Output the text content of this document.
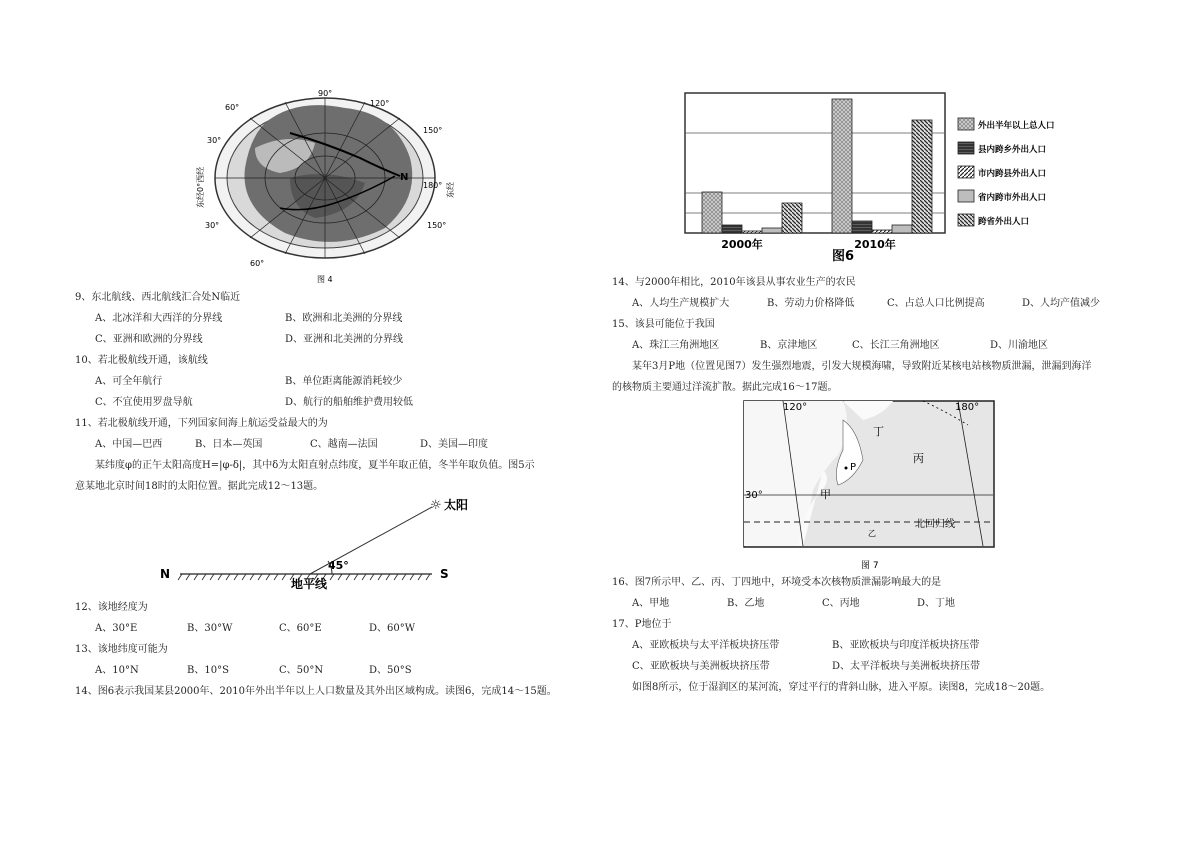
90°
120°
150°
60°
30°
30°
60°
180°
150°
N
东经0°西经	东经
图 4
2000年	2010年
图6
外出半年以上总人口
县内跨乡外出人口
市内跨县外出人口
省内跨市外出人口
跨省外出人口

9、东北航线、西北航线汇合处N临近

A、北冰洋和大西洋的分界线	B、欧洲和北美洲的分界线

C、亚洲和欧洲的分界线	D、亚洲和北美洲的分界线

10、若北极航线开通，该航线

A、可全年航行	B、单位距离能源消耗较少

C、不宜使用罗盘导航	D、航行的船舶维护费用较低

11、若北极航线开通，下列国家间海上航运受益最大的为

A、中国—巴西	B、日本—英国	C、越南—法国	D、美国—印度

某纬度φ的正午太阳高度H=|φ-δ|，其中δ为太阳直射点纬度，夏半年取正值，冬半年取负值。图5示

意某地北京时间18时的太阳位置。据此完成12～13题。

N	S
45°
地平线
☼ 太阳

12、该地经度为

A、30°E	B、30°W	C、60°E	D、60°W

13、该地纬度可能为

A、10°N	B、10°S	C、50°N	D、50°S

14、图6表示我国某县2000年、2010年外出半年以上人口数量及其外出区域构成。读图6，完成14～15题。

14、与2000年相比，2010年该县从事农业生产的农民

A、人均生产规模扩大	B、劳动力价格降低	C、占总人口比例提高	D、人均产值减少

15、该县可能位于我国

A、珠江三角洲地区	B、京津地区	C、长江三角洲地区	D、川渝地区

某年3月P地（位置见图7）发生强烈地震，引发大规模海啸，导致附近某核电站核物质泄漏，泄漏到海洋

的核物质主要通过洋流扩散。据此完成16～17题。

120°	180°
30°
北回归线
丁
丙
甲
P
乙
图 7

16、图7所示甲、乙、丙、丁四地中，环境受本次核物质泄漏影响最大的是

A、甲地	B、乙地	C、丙地	D、丁地

17、P地位于

A、亚欧板块与太平洋板块挤压带	B、亚欧板块与印度洋板块挤压带

C、亚欧板块与美洲板块挤压带	D、太平洋板块与美洲板块挤压带

如图8所示，位于湿润区的某河流，穿过平行的背斜山脉，进入平原。读图8，完成18～20题。
